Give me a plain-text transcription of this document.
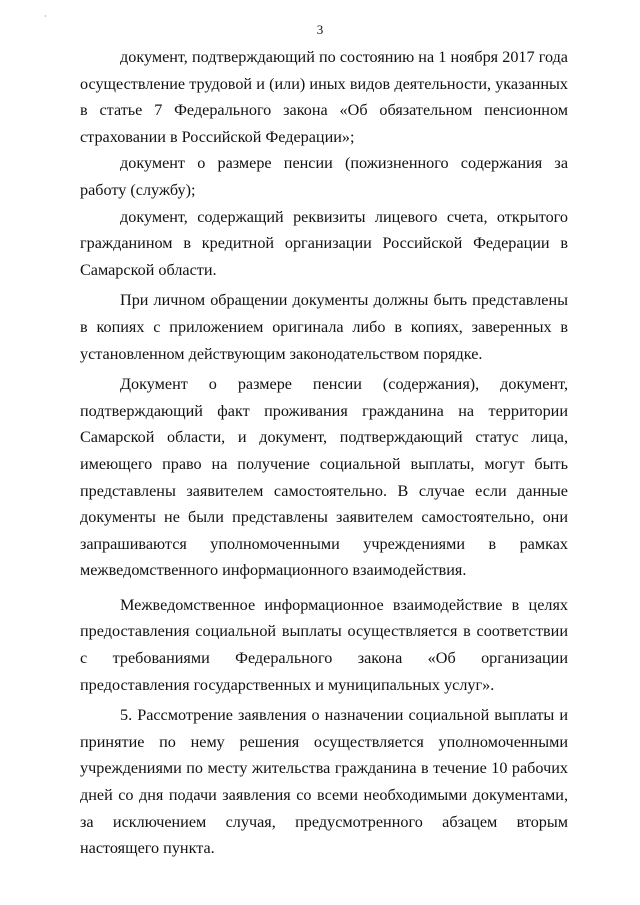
·
3

документ, подтверждающий по состоянию на 1 ноября 2017 года осуществление трудовой и (или) иных видов деятельности, указанных в статье 7 Федерального закона «Об обязательном пенсионном страховании в Российской Федерации»;

документ о размере пенсии (пожизненного содержания за работу (службу);

документ, содержащий реквизиты лицевого счета, открытого гражданином в кредитной организации Российской Федерации в Самарской области.

При личном обращении документы должны быть представлены в копиях с приложением оригинала либо в копиях, заверенных в установленном действующим законодательством порядке.

Документ о размере пенсии (содержания), документ, подтверждающий факт проживания гражданина на территории Самарской области, и документ, подтверждающий статус лица, имеющего право на получение социальной выплаты, могут быть представлены заявителем самостоятельно. В случае если данные документы не были представлены заявителем самостоятельно, они запрашиваются уполномоченными учреждениями в рамках межведомственного информационного взаимодействия.

Межведомственное информационное взаимодействие в целях предоставления социальной выплаты осуществляется в соответствии с требованиями Федерального закона «Об организации предоставления государственных и муниципальных услуг».

5. Рассмотрение заявления о назначении социальной выплаты и принятие по нему решения осуществляется уполномоченными учреждениями по месту жительства гражданина в течение 10 рабочих дней со дня подачи заявления со всеми необходимыми документами, за исключением случая, предусмотренного абзацем вторым настоящего пункта.
